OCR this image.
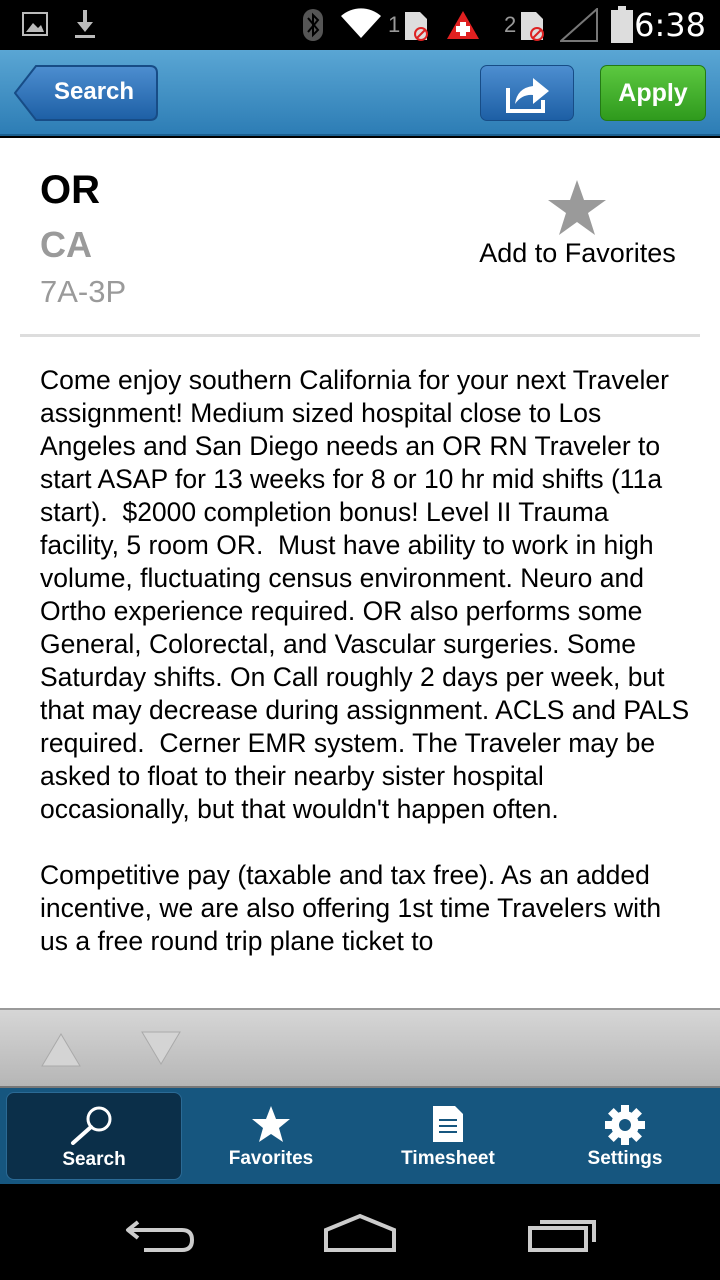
1	2	6:38
Search	Apply
OR
CA
7A-3P
Add to Favorites
Come enjoy southern California for your next Traveler assignment! Medium sized hospital close to Los Angeles and San Diego needs an OR RN Traveler to start ASAP for 13 weeks for 8 or 10 hr mid shifts (11a start).  $2000 completion bonus! Level II Trauma facility, 5 room OR.  Must have ability to work in high volume, fluctuating census environment. Neuro and Ortho experience required. OR also performs some General, Colorectal, and Vascular surgeries. Some Saturday shifts. On Call roughly 2 days per week, but that may decrease during assignment. ACLS and PALS required.  Cerner EMR system. The Traveler may be asked to float to their nearby sister hospital occasionally, but that wouldn't happen often.

Competitive pay (taxable and tax free). As an added incentive, we are also offering 1st time Travelers with us a free round trip plane ticket to
Search	Favorites	Timesheet	Settings
